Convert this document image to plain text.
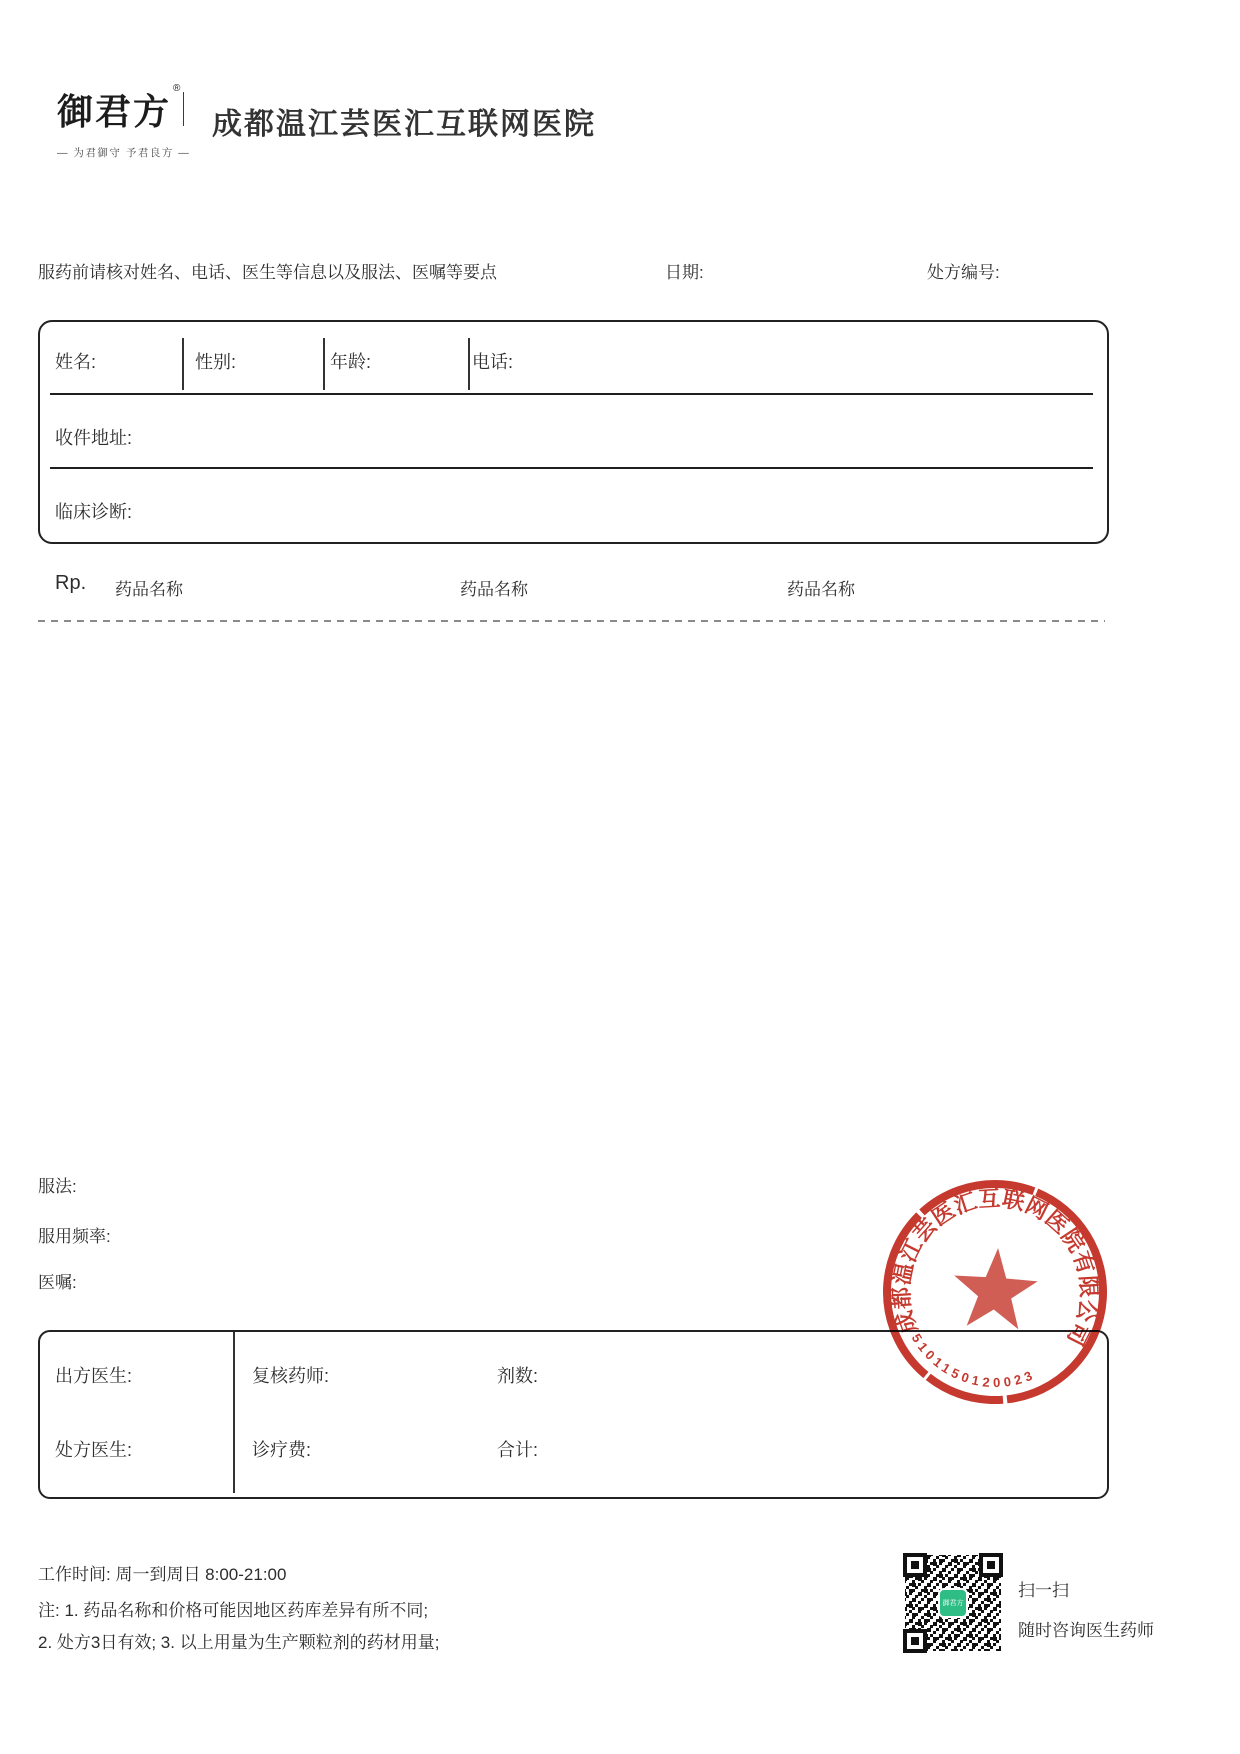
御君方
®
— 为君御守 予君良方 —
成都温江芸医汇互联网医院
服药前请核对姓名、电话、医生等信息以及服法、医嘱等要点	日期:	处方编号:
姓名:	性别:	年龄:	电话:
收件地址:
临床诊断:
Rp. 药品名称	药品名称	药品名称
服法:
服用频率:
医嘱:
出方医生:	复核药师:	剂数:
处方医生:	诊疗费:	合计:
成都温江芸医汇互联网医院有限公司
5101150120023
工作时间: 周一到周日 8:00-21:00
注: 1. 药品名称和价格可能因地区药库差异有所不同;
2. 处方3日有效; 3. 以上用量为生产颗粒剂的药材用量;
御君方
扫一扫
随时咨询医生药师
